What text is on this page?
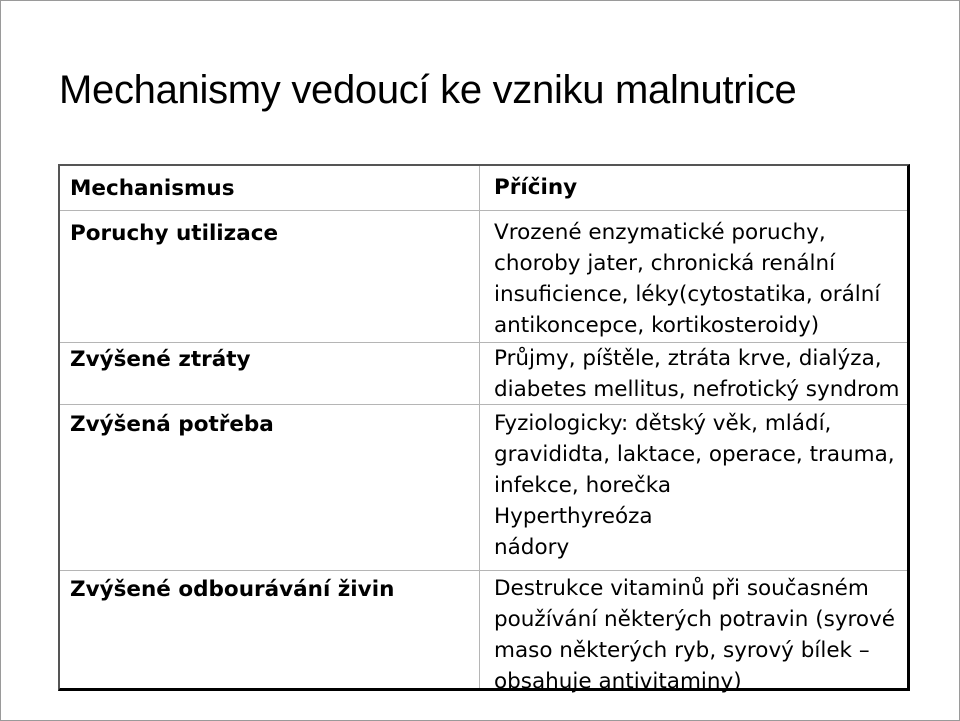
Mechanismy vedoucí ke vzniku malnutrice
Mechanismus
Poruchy utilizace
Zvýšené ztráty
Zvýšená potřeba
Zvýšené odbourávání živin
Příčiny
Vrozené enzymatické poruchy,
choroby jater, chronická renální
insuficience, léky(cytostatika, orální
antikoncepce, kortikosteroidy)
Průjmy, píštěle, ztráta krve, dialýza,
diabetes mellitus, nefrotický syndrom
Fyziologicky: dětský věk, mládí,
gravididta, laktace, operace, trauma,
infekce, horečka
Hyperthyreóza
nádory
Destrukce vitaminů při současném
používání některých potravin (syrové
maso některých ryb, syrový bílek –
obsahuje antivitaminy)
